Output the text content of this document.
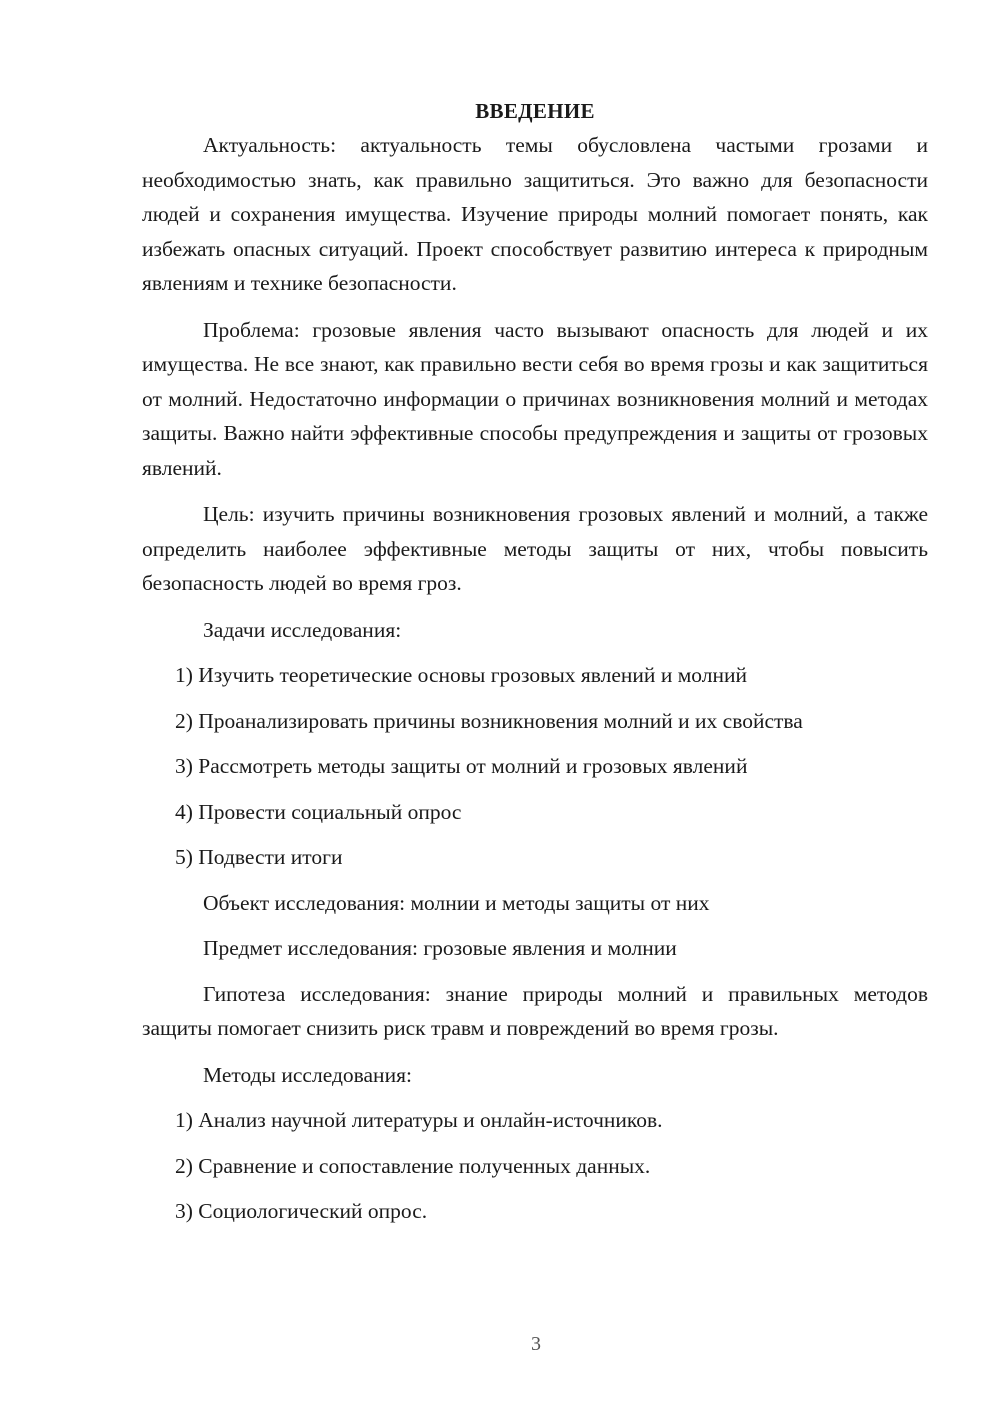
ВВЕДЕНИЕ

Актуальность: актуальность темы обусловлена частыми грозами и необходимостью знать, как правильно защититься. Это важно для безопасности людей и сохранения имущества. Изучение природы молний помогает понять, как избежать опасных ситуаций. Проект способствует развитию интереса к природным явлениям и технике безопасности.

Проблема: грозовые явления часто вызывают опасность для людей и их имущества. Не все знают, как правильно вести себя во время грозы и как защититься от молний. Недостаточно информации о причинах возникновения молний и методах защиты. Важно найти эффективные способы предупреждения и защиты от грозовых явлений.

Цель: изучить причины возникновения грозовых явлений и молний, а также определить наиболее эффективные методы защиты от них, чтобы повысить безопасность людей во время гроз.

Задачи исследования:

1) Изучить теоретические основы грозовых явлений и молний

2) Проанализировать причины возникновения молний и их свойства

3) Рассмотреть методы защиты от молний и грозовых явлений

4) Провести социальный опрос

5) Подвести итоги

Объект исследования: молнии и методы защиты от них

Предмет исследования: грозовые явления и молнии

Гипотеза исследования: знание природы молний и правильных методов защиты помогает снизить риск травм и повреждений во время грозы.

Методы исследования:

1) Анализ научной литературы и онлайн-источников.

2) Сравнение и сопоставление полученных данных.

3) Социологический опрос.

3
